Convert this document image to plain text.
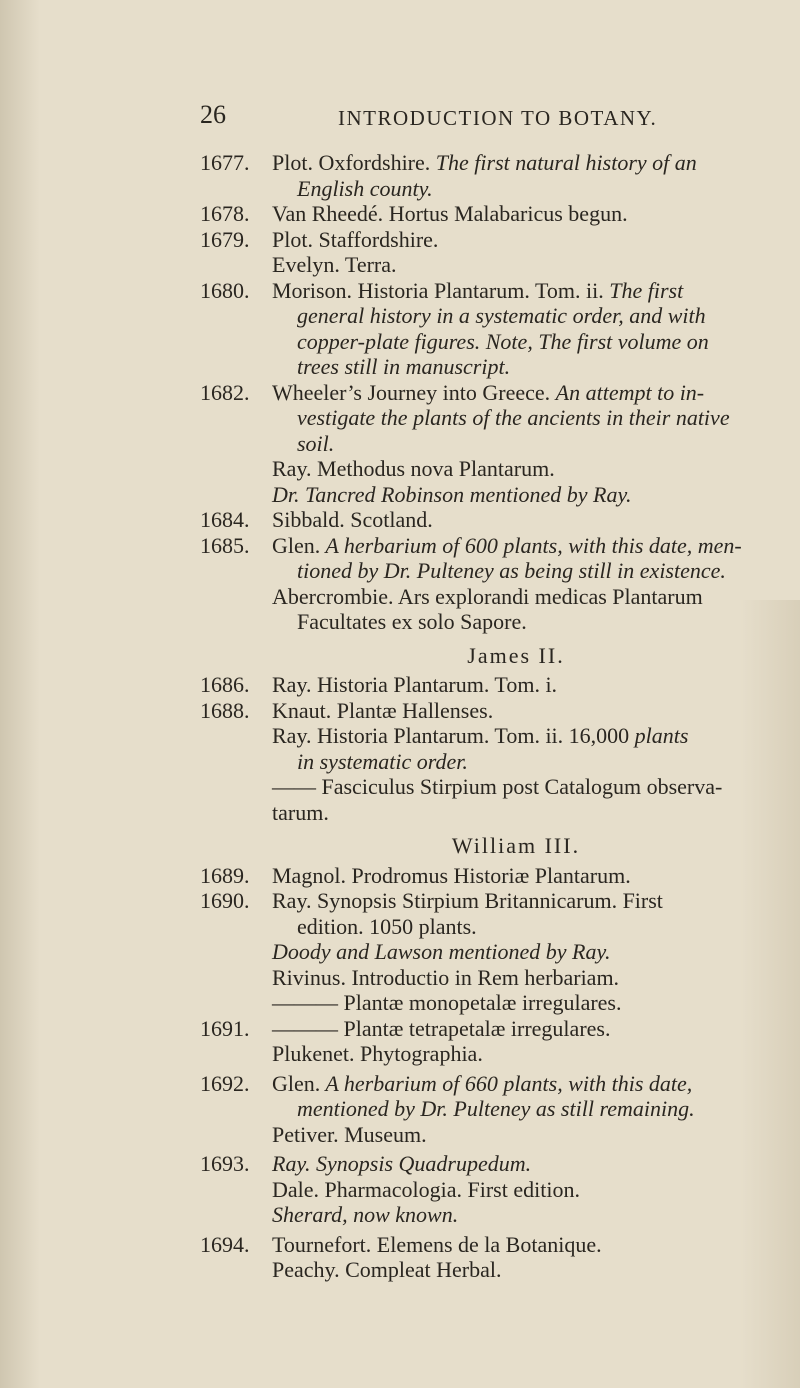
26	INTRODUCTION TO BOTANY.
1677.	Plot. Oxfordshire. The first natural history of an
English county.
1678.	Van Rheedé. Hortus Malabaricus begun.
1679.	Plot. Staffordshire.
Evelyn. Terra.
1680.	Morison. Historia Plantarum. Tom. ii. The first
general history in a systematic order, and with
copper-plate figures. Note, The first volume on
trees still in manuscript.
1682.	Wheeler’s Journey into Greece. An attempt to in-
vestigate the plants of the ancients in their native
soil.
Ray. Methodus nova Plantarum.
Dr. Tancred Robinson mentioned by Ray.
1684.	Sibbald. Scotland.
1685.	Glen. A herbarium of 600 plants, with this date, men-
tioned by Dr. Pulteney as being still in existence.
Abercrombie. Ars explorandi medicas Plantarum
Facultates ex solo Sapore.
James II.
1686.	Ray. Historia Plantarum. Tom. i.
1688.	Knaut. Plantæ Hallenses.
Ray. Historia Plantarum. Tom. ii. 16,000 plants
in systematic order.
—— Fasciculus Stirpium post Catalogum observa-
tarum.
William III.
1689.	Magnol. Prodromus Historiæ Plantarum.
1690.	Ray. Synopsis Stirpium Britannicarum. First
edition. 1050 plants.
Doody and Lawson mentioned by Ray.
Rivinus. Introductio in Rem herbariam.
——— Plantæ monopetalæ irregulares.
1691.	——— Plantæ tetrapetalæ irregulares.
Plukenet. Phytographia.
1692.	Glen. A herbarium of 660 plants, with this date,
mentioned by Dr. Pulteney as still remaining.
Petiver. Museum.
1693.	Ray. Synopsis Quadrupedum.
Dale. Pharmacologia. First edition.
Sherard, now known.
1694.	Tournefort. Elemens de la Botanique.
Peachy. Compleat Herbal.
